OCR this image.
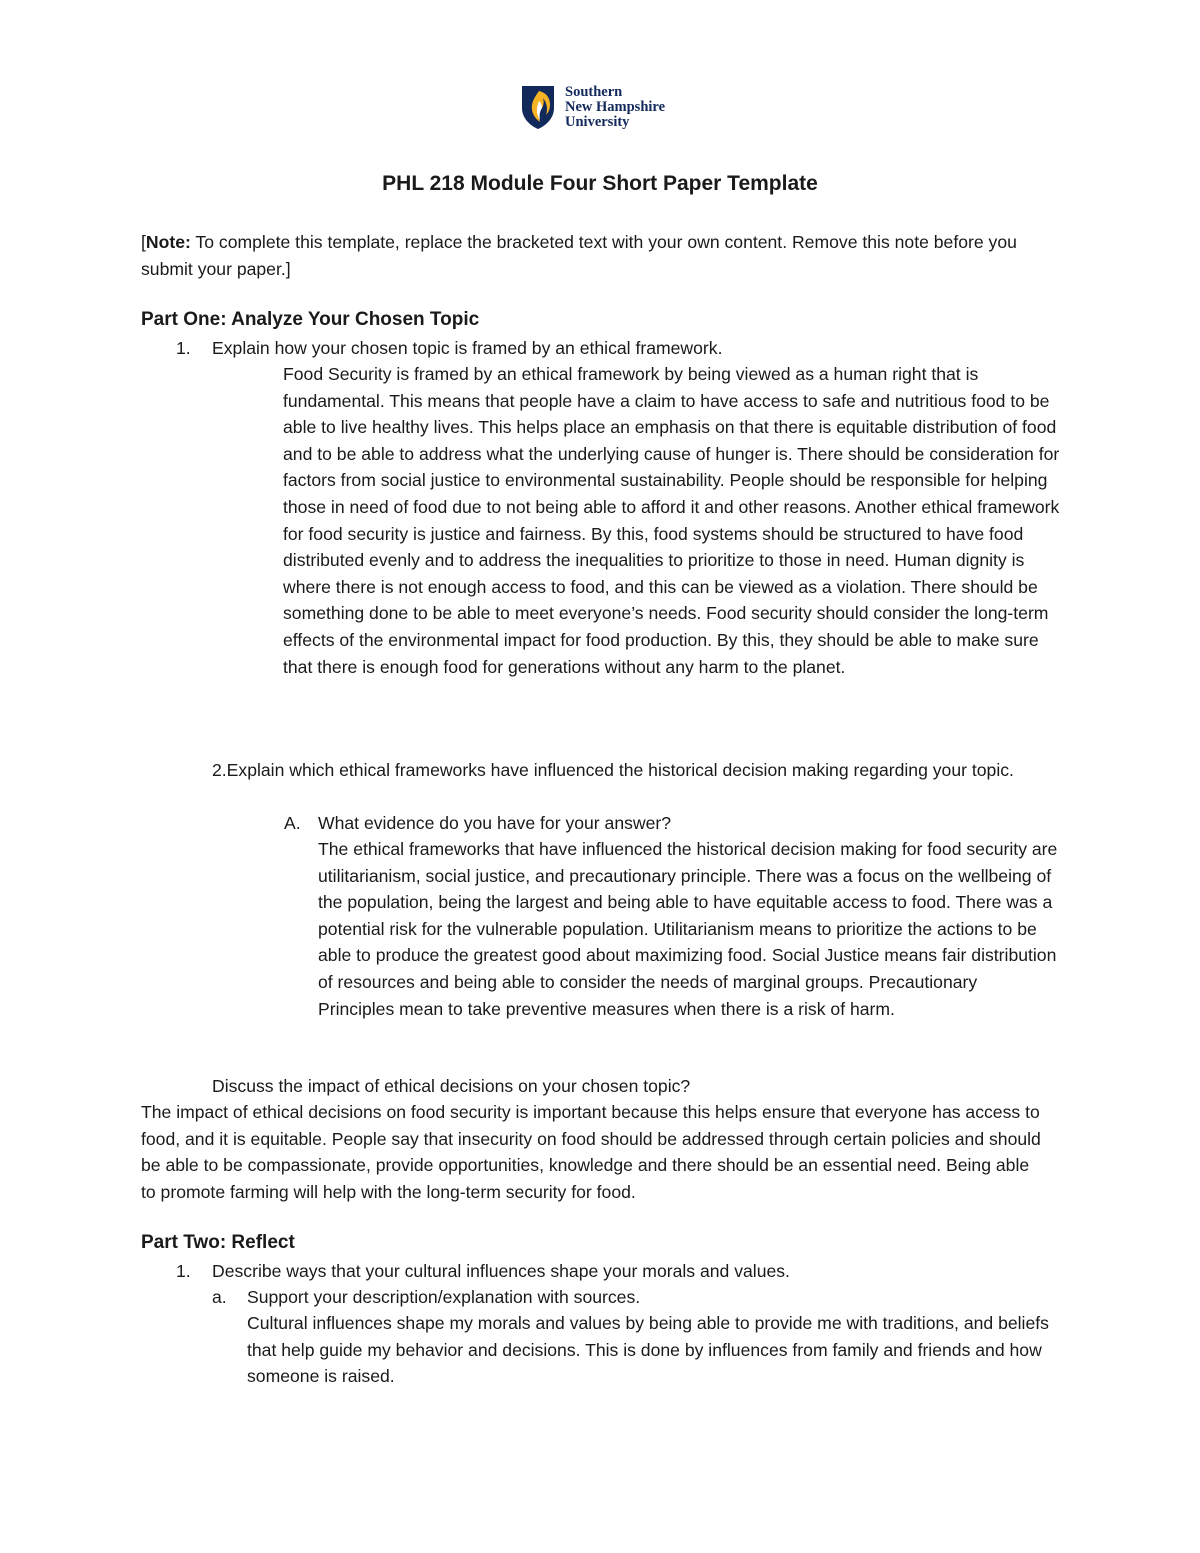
Southern
New Hampshire
University
PHL 218 Module Four Short Paper Template

[Note: To complete this template, replace the bracketed text with your own content. Remove this note before you submit your paper.]

Part One: Analyze Your Chosen Topic
1. Explain how your chosen topic is framed by an ethical framework.

Food Security is framed by an ethical framework by being viewed as a human right that is fundamental. This means that people have a claim to have access to safe and nutritious food to be able to live healthy lives. This helps place an emphasis on that there is equitable distribution of food and to be able to address what the underlying cause of hunger is. There should be consideration for factors from social justice to environmental sustainability. People should be responsible for helping those in need of food due to not being able to afford it and other reasons. Another ethical framework for food security is justice and fairness. By this, food systems should be structured to have food distributed evenly and to address the inequalities to prioritize to those in need. Human dignity is where there is not enough access to food, and this can be viewed as a violation. There should be something done to be able to meet everyone’s needs. Food security should consider the long-term effects of the environmental impact for food production. By this, they should be able to make sure that there is enough food for generations without any harm to the planet.

2.Explain which ethical frameworks have influenced the historical decision making regarding your topic.

A. What evidence do you have for your answer?

The ethical frameworks that have influenced the historical decision making for food security are utilitarianism, social justice, and precautionary principle. There was a focus on the wellbeing of the population, being the largest and being able to have equitable access to food. There was a potential risk for the vulnerable population. Utilitarianism means to prioritize the actions to be able to produce the greatest good about maximizing food. Social Justice means fair distribution of resources and being able to consider the needs of marginal groups. Precautionary Principles mean to take preventive measures when there is a risk of harm.

Discuss the impact of ethical decisions on your chosen topic?

The impact of ethical decisions on food security is important because this helps ensure that everyone has access to food, and it is equitable. People say that insecurity on food should be addressed through certain policies and should be able to be compassionate, provide opportunities, knowledge and there should be an essential need. Being able to promote farming will help with the long-term security for food.

Part Two: Reflect
1. Describe ways that your cultural influences shape your morals and values.

a. Support your description/explanation with sources.

Cultural influences shape my morals and values by being able to provide me with traditions, and beliefs that help guide my behavior and decisions. This is done by influences from family and friends and how someone is raised.
